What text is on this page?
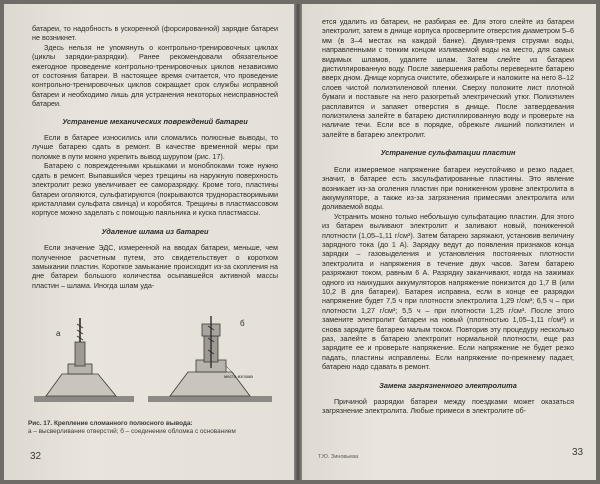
батареи, то надобность в ускоренной (форсированной) зарядке батареи не возникнет.

Здесь нельзя не упомянуть о контрольно-тренировочных циклах (циклы зарядки-разрядки). Ранее рекомендовали обязательное ежегодное проведение контрольно-тренировочных циклов независимо от состояния батареи. В настоящее время считается, что проведение контрольно-тренировочных циклов сокращает срок службы исправной батареи и необходимо лишь для устранения некоторых неисправностей батареи.

Устранение механических повреждений батареи

Если в батарее износились или сломались полюсные выводы, то лучше батарею сдать в ремонт. В качестве временной меры при поломке в пути можно укрепить вывод шурупом (рис. 17).

Батарею с поврежденными крышками и моноблоками тоже нужно сдать в ремонт. Выпавшийся через трещины на наружную поверхность электролит резко увеличивает ее саморазрядку. Кроме того, пластины батареи оголяются, сульфатируются (покрываются труднорастворимыми кристаллами сульфата свинца) и коробятся. Трещины в пластмассовом корпусе можно заделать с помощью паяльника и куска пластмассы.

Удаление шлама из батареи

Если значение ЭДС, измеренной на вводах батареи, меньше, чем полученное расчетным путем, это свидетельствует о коротком замыкании пластин. Короткое замыкание происходит из-за скопления на дне батареи большого количества осыпавшейся активной массы пластин – шлама. Иногда шлам уда-

а
б
место излома
Рис. 17. Крепление сломанного полюсного вывода:
а – высверливание отверстий; б – соединение обломка с основанием
32

ется удалить из батареи, не разбирая ее. Для этого слейте из батареи электролит, затем в днище корпуса просверлите отверстия диаметром 5–6 мм (в 3–4 местах на каждой банке). Двумя-тремя струями воды, направленными с тонким концом изливаемой воды на место, для самых видимых шламов, удалите шлам. Затем слейте из батареи дистиллированную воду. После завершения работы переверните батарею вверх дном. Днище корпуса очистите, обезжирьте и наложите на него 8–12 слоев чистой полиэтиленовой пленки. Сверху положите лист плотной бумаги и поставьте на него разогретый электрический утюг. Полиэтилен расплавится и запаяет отверстия в днище. После затвердевания полиэтилена залейте в батарею дистиллированную воду и проверьте на наличие течи. Если все в порядке, обрежьте лишний полиэтилен и залейте в батарею электролит.

Устранение сульфатации пластин

Если измеряемое напряжение батареи неустойчиво и резко падает, значит, в батарее есть засульфатированные пластины. Это явление возникает из-за оголения пластин при пониженном уровне электролита в аккумуляторе, а также из-за загрязнения примесями электролита или доливаемой воды.

Устранить можно только небольшую сульфатацию пластин. Для этого из батареи выливают электролит и заливают новый, пониженной плотности (1,05–1,11 г/см³). Затем батарею заряжают, установив величину зарядного тока (до 1 А). Зарядку ведут до появления признаков конца зарядки – газовыделения и установления постоянных плотности электролита и напряжения в течение двух часов. Затем батарею разряжают током, равным 6 А. Разрядку заканчивают, когда на зажимах одного из наихудших аккумуляторов напряжение понизится до 1,7 В (или 10,2 В для батареи). Батарея исправна, если в конце ее разрядки напряжение будет 7,5 ч при плотности электролита 1,29 г/см³; 6,5 ч – при плотности 1,27 г/см³; 5,5 ч – при плотности 1,25 г/см³. После этого замените электролит батареи на новый (плотностью 1,05–1,11 г/см³) и снова зарядите батарею малым током. Повторив эту процедуру несколько раз, залейте в батарею электролит нормальной плотности, еще раз зарядите ее и проверьте напряжение. Если напряжение не будет резко падать, пластины исправлены. Если напряжение по-прежнему падает, батарею надо сдавать в ремонт.

Замена загрязненного электролита

Причиной разрядки батареи между поездками может оказаться загрязнение электролита. Любые примеси в электролите об-

Т.Ю. Зиновьева	33
